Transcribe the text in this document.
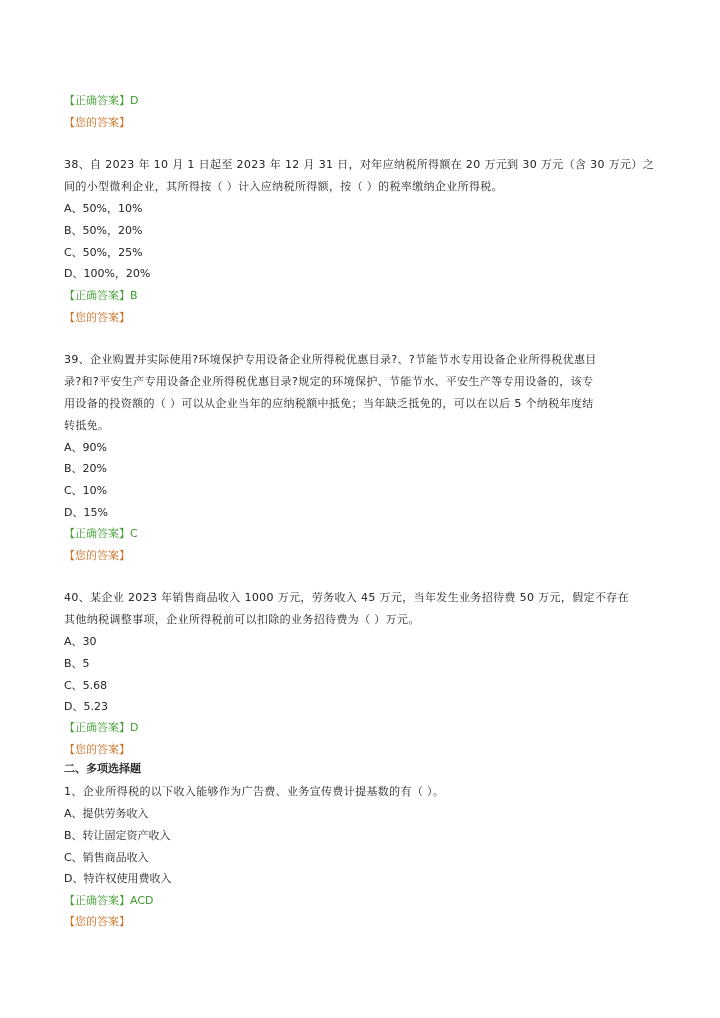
【正确答案】D
【您的答案】
38、自 2023 年 10 月 1 日起至 2023 年 12 月 31 日，对年应纳税所得额在 20 万元到 30 万元（含 30 万元）之
间的小型微利企业，其所得按（ ）计入应纳税所得额，按（ ）的税率缴纳企业所得税。
A、50%，10%
B、50%，20%
C、50%，25%
D、100%，20%
【正确答案】B
【您的答案】
39、企业购置并实际使用?环境保护专用设备企业所得税优惠目录?、?节能节水专用设备企业所得税优惠目
录?和?平安生产专用设备企业所得税优惠目录?规定的环境保护、节能节水、平安生产等专用设备的，该专
用设备的投资额的（ ）可以从企业当年的应纳税额中抵免；当年缺乏抵免的，可以在以后 5 个纳税年度结
转抵免。
A、90%
B、20%
C、10%
D、15%
【正确答案】C
【您的答案】
40、某企业 2023 年销售商品收入 1000 万元，劳务收入 45 万元，当年发生业务招待费 50 万元，假定不存在
其他纳税调整事项，企业所得税前可以扣除的业务招待费为（ ）万元。
A、30
B、5
C、5.68
D、5.23
【正确答案】D
【您的答案】
二、多项选择题
1、企业所得税的以下收入能够作为广告费、业务宣传费计提基数的有（ ）。
A、提供劳务收入
B、转让固定资产收入
C、销售商品收入
D、特许权使用费收入
【正确答案】ACD
【您的答案】
